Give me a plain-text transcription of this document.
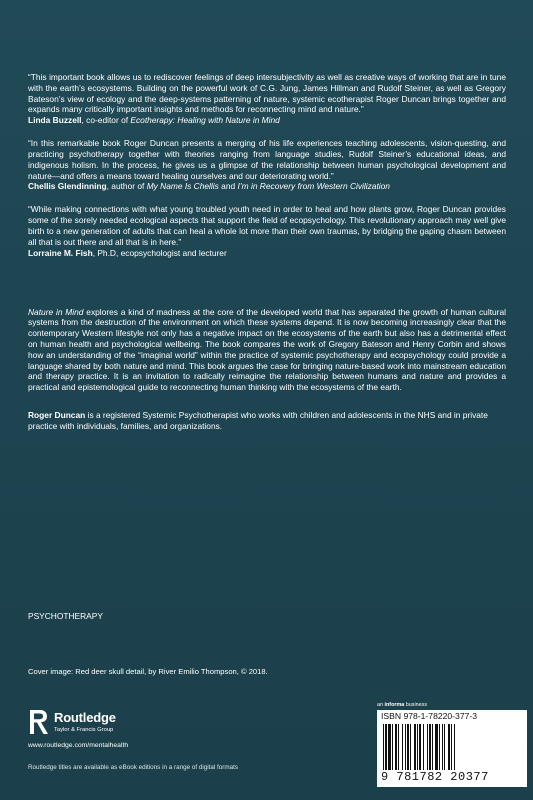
“This important book allows us to rediscover feelings of deep intersubjectivity as well as creative ways of working that are in tune with the earth’s ecosystems. Building on the powerful work of C.G. Jung, James Hillman and Rudolf Steiner, as well as Gregory Bateson’s view of ecology and the deep-systems patterning of nature, systemic ecotherapist Roger Duncan brings together and expands many critically important insights and methods for reconnecting mind and nature.”

Linda Buzzell, co-editor of Ecotherapy: Healing with Nature in Mind

“In this remarkable book Roger Duncan presents a merging of his life experiences teaching adolescents, vision-questing, and practicing psychotherapy together with theories ranging from language studies, Rudolf Steiner’s educational ideas, and indigenous holism. In the process, he gives us a glimpse of the relationship between human psychological development and nature—and offers a means toward healing ourselves and our deteriorating world.”

Chellis Glendinning, author of My Name Is Chellis and I’m in Recovery from Western Civilization

“While making connections with what young troubled youth need in order to heal and how plants grow, Roger Duncan provides some of the sorely needed ecological aspects that support the field of ecopsychology. This revolutionary approach may well give birth to a new generation of adults that can heal a whole lot more than their own traumas, by bridging the gaping chasm between all that is out there and all that is in here.”

Lorraine M. Fish, Ph.D, ecopsychologist and lecturer

Nature in Mind explores a kind of madness at the core of the developed world that has separated the growth of human cultural systems from the destruction of the environment on which these systems depend. It is now becoming increasingly clear that the contemporary Western lifestyle not only has a negative impact on the ecosystems of the earth but also has a detrimental effect on human health and psychological wellbeing. The book compares the work of Gregory Bateson and Henry Corbin and shows how an understanding of the “imaginal world” within the practice of systemic psychotherapy and ecopsychology could provide a language shared by both nature and mind. This book argues the case for bringing nature-based work into mainstream education and therapy practice. It is an invitation to radically reimagine the relationship between humans and nature and provides a practical and epistemological guide to reconnecting human thinking with the ecosystems of the earth.

Roger Duncan is a registered Systemic Psychotherapist who works with children and adolescents in the NHS and in private practice with individuals, families, and organizations.

PSYCHOTHERAPY
Cover image: Red deer skull detail, by River Emilio Thompson, © 2018.
Routledge
Taylor & Francis Group
www.routledge.com/mentalhealth
Routledge titles are available as eBook editions in a range of digital formats
an informa business
ISBN 978-1-78220-377-3
9 781782 20377
